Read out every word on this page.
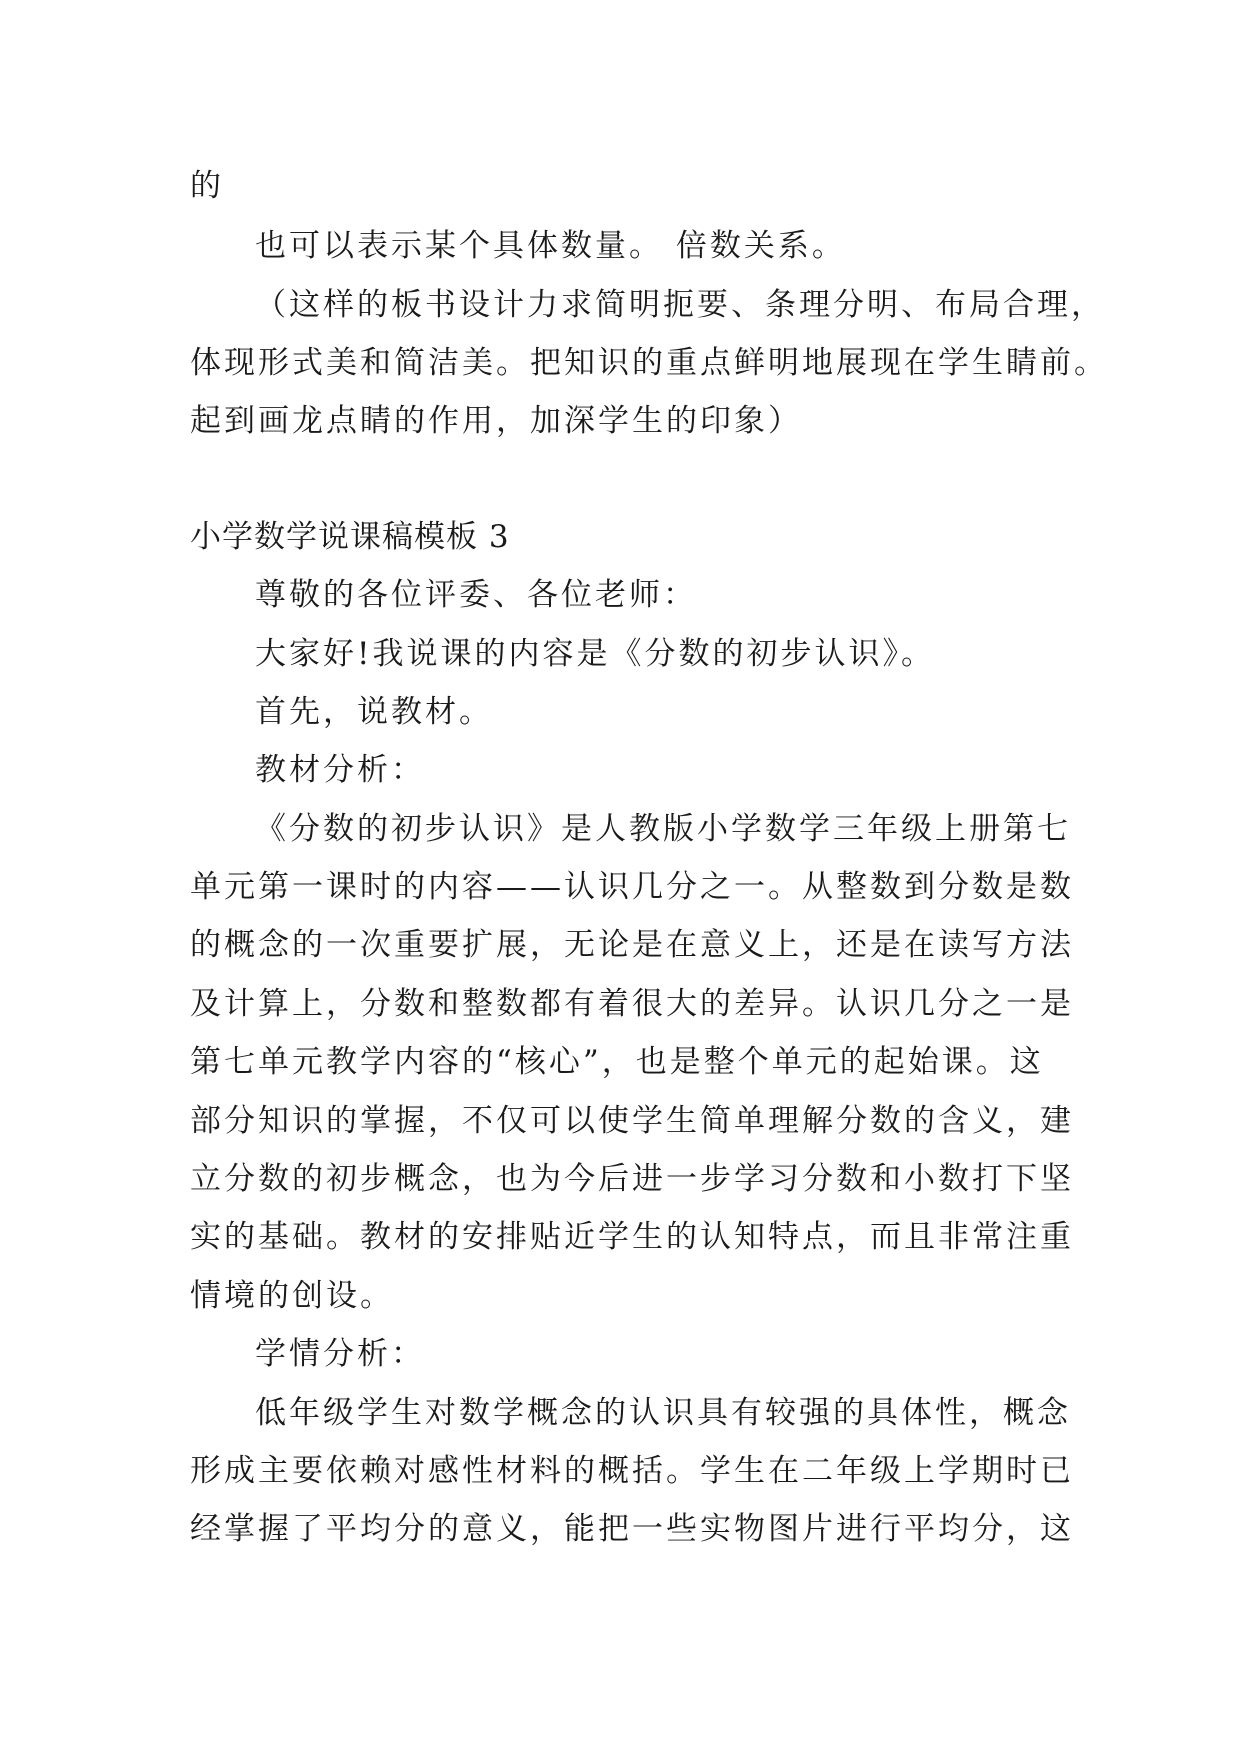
的
也可以表示某个具体数量。 倍数关系。
（这样的板书设计力求简明扼要、条理分明、布局合理，
体现形式美和简洁美。把知识的重点鲜明地展现在学生睛前。
起到画龙点睛的作用，加深学生的印象）
小学数学说课稿模板 3
尊敬的各位评委、各位老师：
大家好!我说课的内容是《分数的初步认识》。
首先，说教材。
教材分析：
《分数的初步认识》是人教版小学数学三年级上册第七
单元第一课时的内容——认识几分之一。从整数到分数是数
的概念的一次重要扩展，无论是在意义上，还是在读写方法
及计算上，分数和整数都有着很大的差异。认识几分之一是
第七单元教学内容的“核心”，也是整个单元的起始课。这
部分知识的掌握，不仅可以使学生简单理解分数的含义，建
立分数的初步概念，也为今后进一步学习分数和小数打下坚
实的基础。教材的安排贴近学生的认知特点，而且非常注重
情境的创设。
学情分析：
低年级学生对数学概念的认识具有较强的具体性，概念
形成主要依赖对感性材料的概括。学生在二年级上学期时已
经掌握了平均分的意义，能把一些实物图片进行平均分，这
